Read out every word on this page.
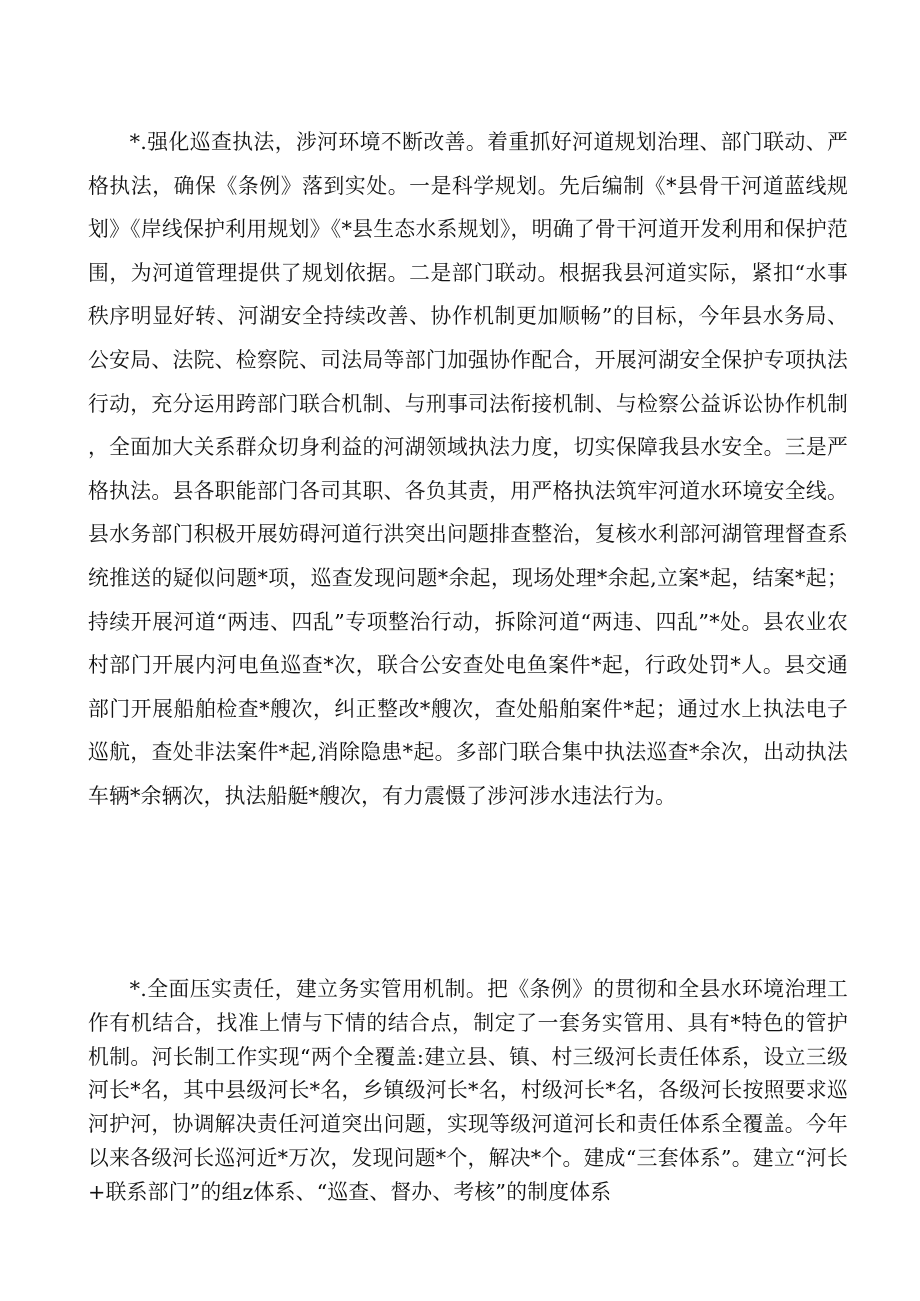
*.强化巡查执法，涉河环境不断改善。着重抓好河道规划治理、部门联动、严格执法，确保《条例》落到实处。一是科学规划。先后编制《*县骨干河道蓝线规划》《岸线保护利用规划》《*县生态水系规划》，明确了骨干河道开发利用和保护范围，为河道管理提供了规划依据。二是部门联动。根据我县河道实际，紧扣“水事秩序明显好转、河湖安全持续改善、协作机制更加顺畅”的目标，今年县水务局、公安局、法院、检察院、司法局等部门加强协作配合，开展河湖安全保护专项执法行动，充分运用跨部门联合机制、与刑事司法衔接机制、与检察公益诉讼协作机制，全面加大关系群众切身利益的河湖领域执法力度，切实保障我县水安全。三是严格执法。县各职能部门各司其职、各负其责，用严格执法筑牢河道水环境安全线。县水务部门积极开展妨碍河道行洪突出问题排查整治，复核水利部河湖管理督查系统推送的疑似问题*项，巡查发现问题*余起，现场处理*余起,立案*起，结案*起；持续开展河道“两违、四乱”专项整治行动，拆除河道“两违、四乱”*处。县农业农村部门开展内河电鱼巡查*次，联合公安查处电鱼案件*起，行政处罚*人。县交通部门开展船舶检查*艘次，纠正整改*艘次，查处船舶案件*起；通过水上执法电子巡航，查处非法案件*起,消除隐患*起。多部门联合集中执法巡查*余次，出动执法车辆*余辆次，执法船艇*艘次，有力震慑了涉河涉水违法行为。

*.全面压实责任，建立务实管用机制。把《条例》的贯彻和全县水环境治理工作有机结合，找准上情与下情的结合点，制定了一套务实管用、具有*特色的管护机制。河长制工作实现“两个全覆盖:建立县、镇、村三级河长责任体系，设立三级河长*名，其中县级河长*名，乡镇级河长*名，村级河长*名，各级河长按照要求巡河护河，协调解决责任河道突出问题，实现等级河道河长和责任体系全覆盖。今年以来各级河长巡河近*万次，发现问题*个，解决*个。建成“三套体系”。建立“河长+联系部门”的组z体系、“巡查、督办、考核”的制度体系
